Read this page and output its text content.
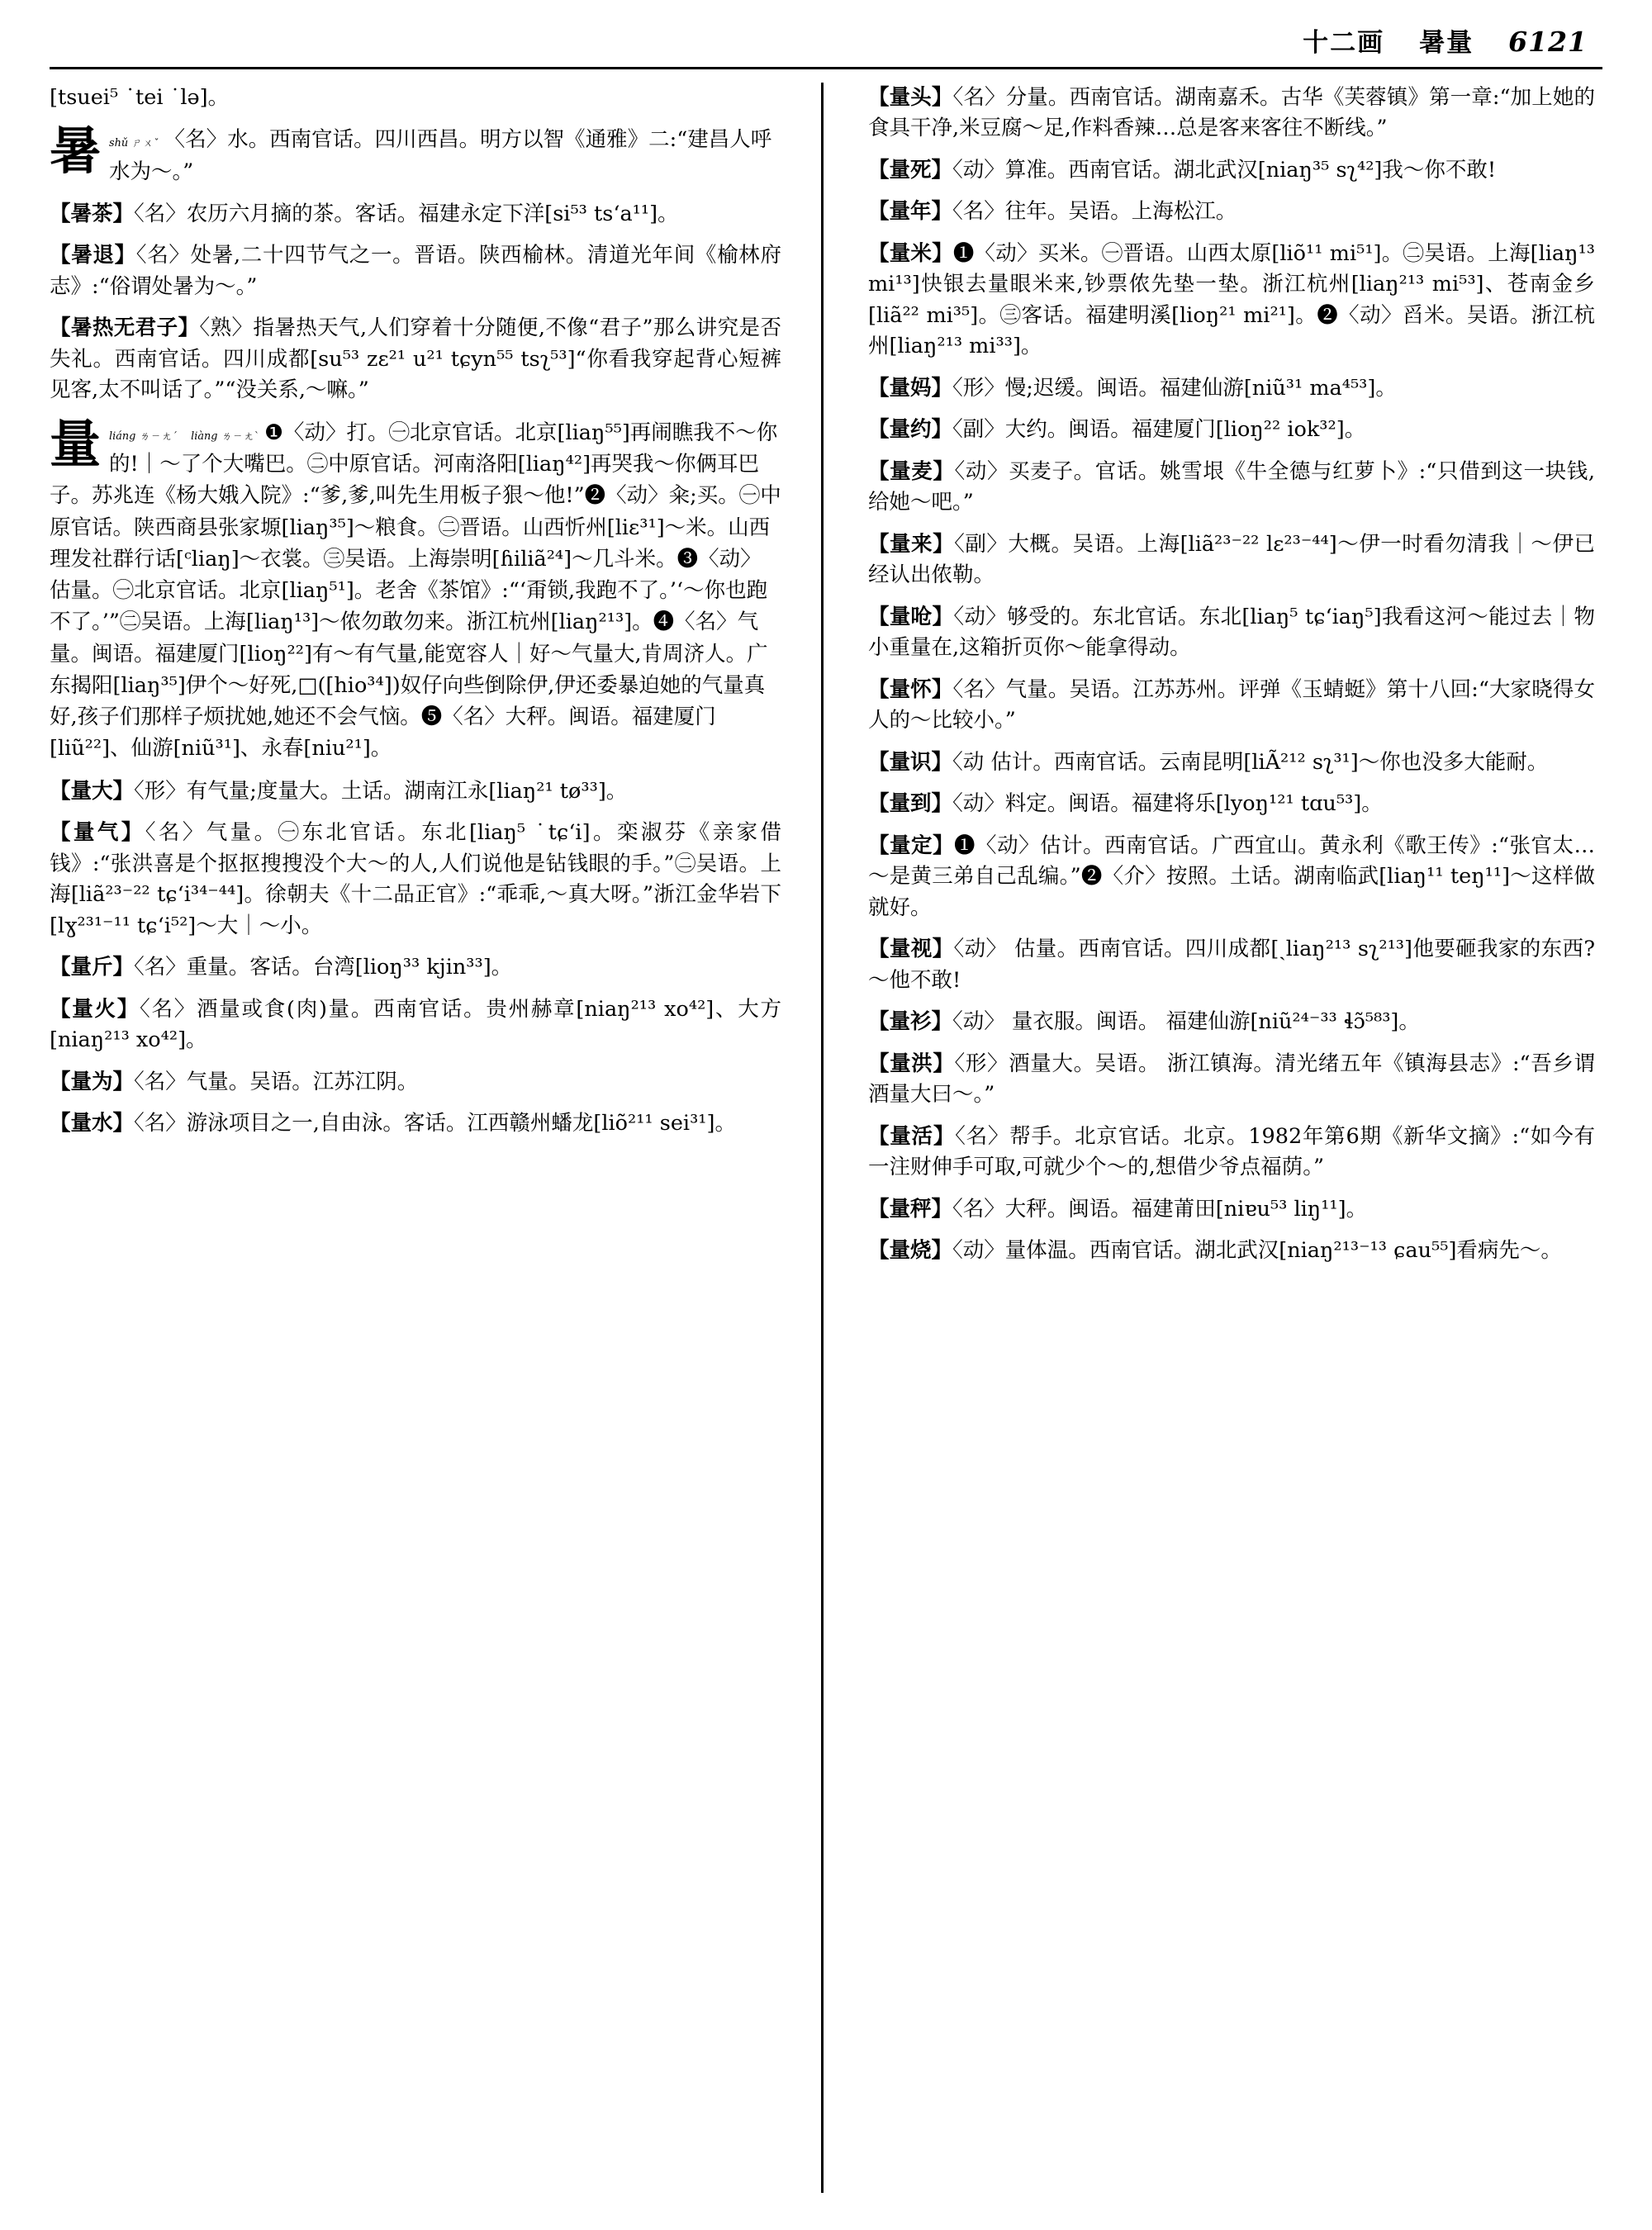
十二画 暑量 6121

[tsuei⁵ ˙tei ˙lə]。

暑 shǔ ㄕㄨˇ 〈名〉水。西南官话。四川西昌。明方以智《通雅》二:“建昌人呼水为～。”

【暑茶】〈名〉农历六月摘的茶。客话。福建永定下洋[si⁵³ tsʻa¹¹]。

【暑退】〈名〉处暑,二十四节气之一。晋语。陕西榆林。清道光年间《榆林府志》:“俗谓处暑为～。”

【暑热无君子】〈熟〉指暑热天气,人们穿着十分随便,不像“君子”那么讲究是否失礼。西南官话。四川成都[su⁵³ zɛ²¹ u²¹ tɕyn⁵⁵ tsʅ⁵³]“你看我穿起背心短裤见客,太不叫话了。”“没关系,～嘛。”

量 liáng ㄌㄧㄤˊ liàng ㄌㄧㄤˋ ❶〈动〉打。㊀北京官话。北京[liaŋ⁵⁵]再闹瞧我不～你的!｜～了个大嘴巴。㊁中原官话。河南洛阳[liaŋ⁴²]再哭我～你俩耳巴子。苏兆连《杨大娥入院》:“爹,爹,叫先生用板子狠～他!”❷〈动〉籴;买。㊀中原官话。陕西商县张家塬[liaŋ³⁵]～粮食。㊁晋语。山西忻州[liɛ³¹]～米。山西理发社群行话[ᶜliaŋ]～衣裳。㊂吴语。上海崇明[ɦiliã²⁴]～几斗米。❸〈动〉估量。㊀北京官话。北京[liaŋ⁵¹]。老舍《茶馆》:“‘甭锁,我跑不了。’‘～你也跑不了。’”㊁吴语。上海[liaŋ¹³]～侬勿敢勿来。浙江杭州[liaŋ²¹³]。❹〈名〉气量。闽语。福建厦门[lioŋ²²]有～有气量,能宽容人｜好～气量大,肯周济人。广东揭阳[liaŋ³⁵]伊个～好死,□([hio³⁴])奴仔向些倒除伊,伊还委暴迫她的气量真好,孩子们那样子烦扰她,她还不会气恼。❺〈名〉大秤。闽语。福建厦门[liũ²²]、仙游[niũ³¹]、永春[niu²¹]。

【量大】〈形〉有气量;度量大。土话。湖南江永[liaŋ²¹ tø³³]。

【量气】〈名〉气量。㊀东北官话。东北[liaŋ⁵ ˙tɕʻi]。栾淑芬《亲家借钱》:“张洪喜是个抠抠搜搜没个大～的人,人们说他是钻钱眼的手。”㊁吴语。上海[liã²³⁻²² tɕʻi³⁴⁻⁴⁴]。徐朝夫《十二品正官》:“乖乖,～真大呀。”浙江金华岩下[lɣ²³¹⁻¹¹ tɕʻi⁵²]～大｜～小。

【量斤】〈名〉重量。客话。台湾[lioŋ³³ kjin³³]。

【量火】〈名〉酒量或食(肉)量。西南官话。贵州赫章[niaŋ²¹³ xo⁴²]、大方[niaŋ²¹³ xo⁴²]。

【量为】〈名〉气量。吴语。江苏江阴。

【量水】〈名〉游泳项目之一,自由泳。客话。江西赣州蟠龙[liõ²¹¹ sei³¹]。

【量头】〈名〉分量。西南官话。湖南嘉禾。古华《芙蓉镇》第一章:“加上她的食具干净,米豆腐～足,作料香辣…总是客来客往不断线。”

【量死】〈动〉算准。西南官话。湖北武汉[niaŋ³⁵ sʅ⁴²]我～你不敢!

【量年】〈名〉往年。吴语。上海松江。

【量米】❶〈动〉买米。㊀晋语。山西太原[liõ¹¹ mi⁵¹]。㊁吴语。上海[liaŋ¹³ mi¹³]快银去量眼米来,钞票侬先垫一垫。浙江杭州[liaŋ²¹³ mi⁵³]、苍南金乡[liã²² mi³⁵]。㊂客话。福建明溪[lioŋ²¹ mi²¹]。❷〈动〉舀米。吴语。浙江杭州[liaŋ²¹³ mi³³]。

【量妈】〈形〉慢;迟缓。闽语。福建仙游[niũ³¹ ma⁴⁵³]。

【量约】〈副〉大约。闽语。福建厦门[lioŋ²² iok³²]。

【量麦】〈动〉买麦子。官话。姚雪垠《牛全德与红萝卜》:“只借到这一块钱,给她～吧。”

【量来】〈副〉大概。吴语。上海[liã²³⁻²² lɛ²³⁻⁴⁴]～伊一时看勿清我｜～伊已经认出侬勒。

【量呛】〈动〉够受的。东北官话。东北[liaŋ⁵ tɕʻiaŋ⁵]我看这河～能过去｜物小重量在,这箱折页你～能拿得动。

【量怀】〈名〉气量。吴语。江苏苏州。评弹《玉蜻蜓》第十八回:“大家晓得女人的～比较小。”

【量识】〈动 估计。西南官话。云南昆明[liÃ²¹² sʅ³¹]～你也没多大能耐。

【量到】〈动〉料定。闽语。福建将乐[lyoŋ¹²¹ tɑu⁵³]。

【量定】❶〈动〉估计。西南官话。广西宜山。黄永利《歌王传》:“张官太…～是黄三弟自己乱编。”❷〈介〉按照。土话。湖南临武[liaŋ¹¹ teŋ¹¹]～这样做就好。

【量视】〈动〉 估量。西南官话。四川成都[ˏliaŋ²¹³ sʅ²¹³]他要砸我家的东西?～他不敢!

【量衫】〈动〉 量衣服。闽语。 福建仙游[niũ²⁴⁻³³ ɬɔ̃⁵⁸³]。

【量洪】〈形〉酒量大。吴语。 浙江镇海。清光绪五年《镇海县志》:“吾乡谓酒量大曰～。”

【量活】〈名〉帮手。北京官话。北京。1982年第6期《新华文摘》:“如今有一注财伸手可取,可就少个～的,想借少爷点福荫。”

【量秤】〈名〉大秤。闽语。福建莆田[niɐu⁵³ liŋ¹¹]。

【量烧】〈动〉量体温。西南官话。湖北武汉[niaŋ²¹³⁻¹³ ɕau⁵⁵]看病先～。
